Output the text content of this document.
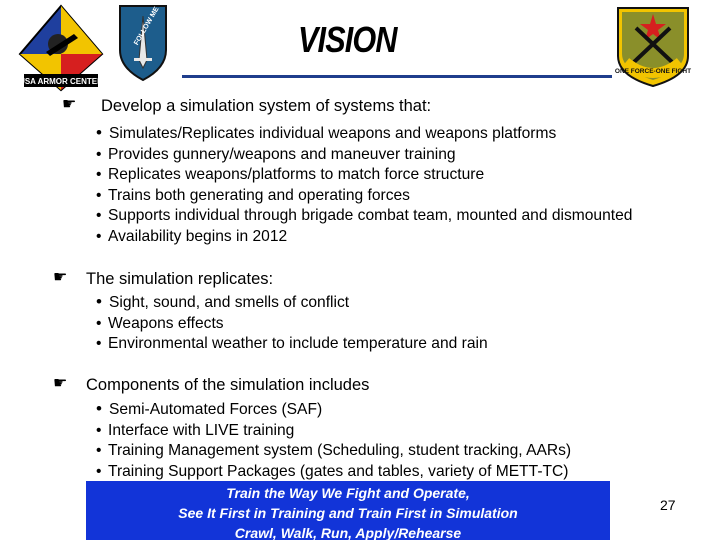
USA ARMOR CENTER
FOLLOW ME
ONE FORCE-ONE FIGHT
VISION
☛ Develop a simulation system of systems that:
• Simulates/Replicates individual weapons and weapons platforms
• Provides gunnery/weapons and maneuver training
• Replicates weapons/platforms to match force structure
• Trains both generating and operating forces
• Supports individual through brigade combat team, mounted and dismounted
• Availability begins in 2012
☛ The simulation replicates:
• Sight, sound, and smells of conflict
• Weapons effects
• Environmental weather to include temperature and rain
☛ Components of the simulation includes
• Semi-Automated Forces (SAF)
• Interface with LIVE training
• Training Management system (Scheduling, student tracking, AARs)
• Training Support Packages (gates and tables, variety of METT-TC)
Train the Way We Fight and Operate,
See It First in Training and Train First in Simulation
Crawl, Walk, Run, Apply/Rehearse
27
